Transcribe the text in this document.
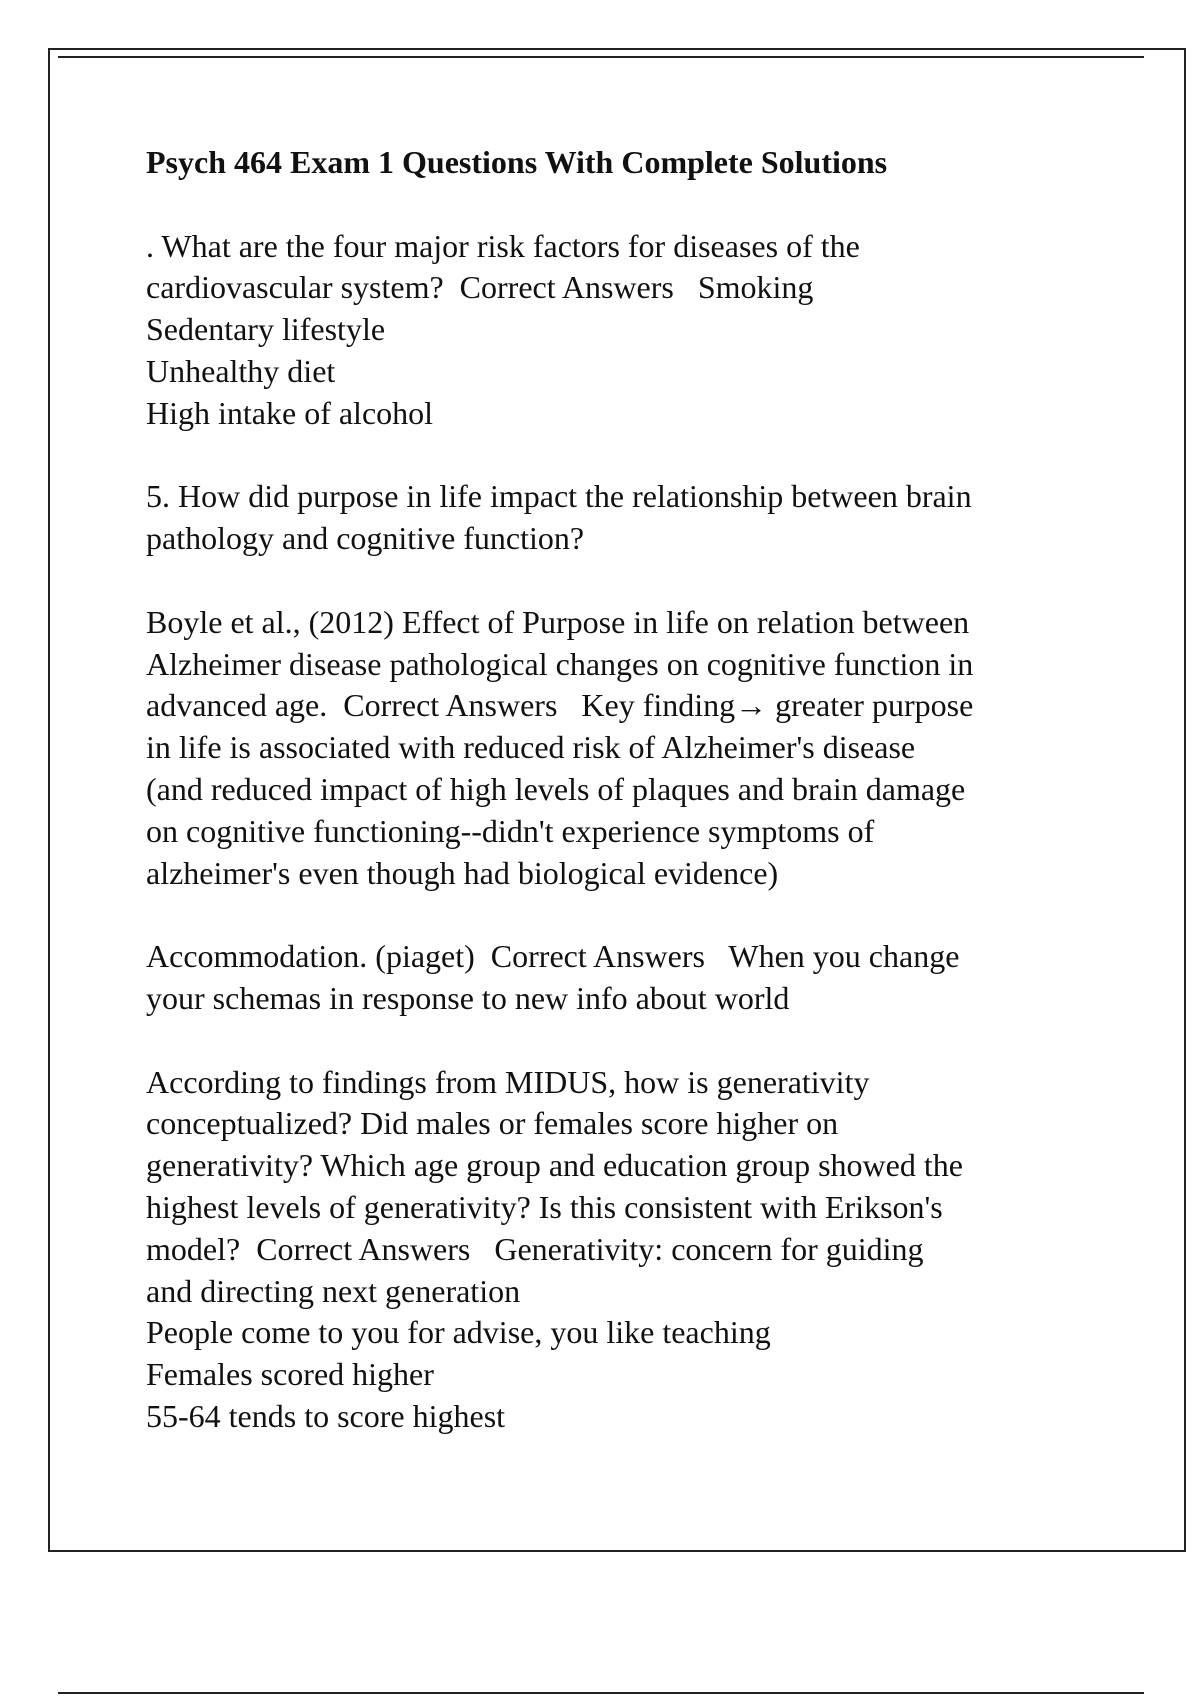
Psych 464 Exam 1 Questions With Complete Solutions
. What are the four major risk factors for diseases of the
cardiovascular system?  Correct Answers   Smoking
Sedentary lifestyle
Unhealthy diet
High intake of alcohol
5. How did purpose in life impact the relationship between brain
pathology and cognitive function?
Boyle et al., (2012) Effect of Purpose in life on relation between
Alzheimer disease pathological changes on cognitive function in
advanced age.  Correct Answers   Key finding→ greater purpose
in life is associated with reduced risk of Alzheimer's disease
(and reduced impact of high levels of plaques and brain damage
on cognitive functioning--didn't experience symptoms of
alzheimer's even though had biological evidence)
Accommodation. (piaget)  Correct Answers   When you change
your schemas in response to new info about world
According to findings from MIDUS, how is generativity
conceptualized? Did males or females score higher on
generativity? Which age group and education group showed the
highest levels of generativity? Is this consistent with Erikson's
model?  Correct Answers   Generativity: concern for guiding
and directing next generation
People come to you for advise, you like teaching
Females scored higher
55-64 tends to score highest
